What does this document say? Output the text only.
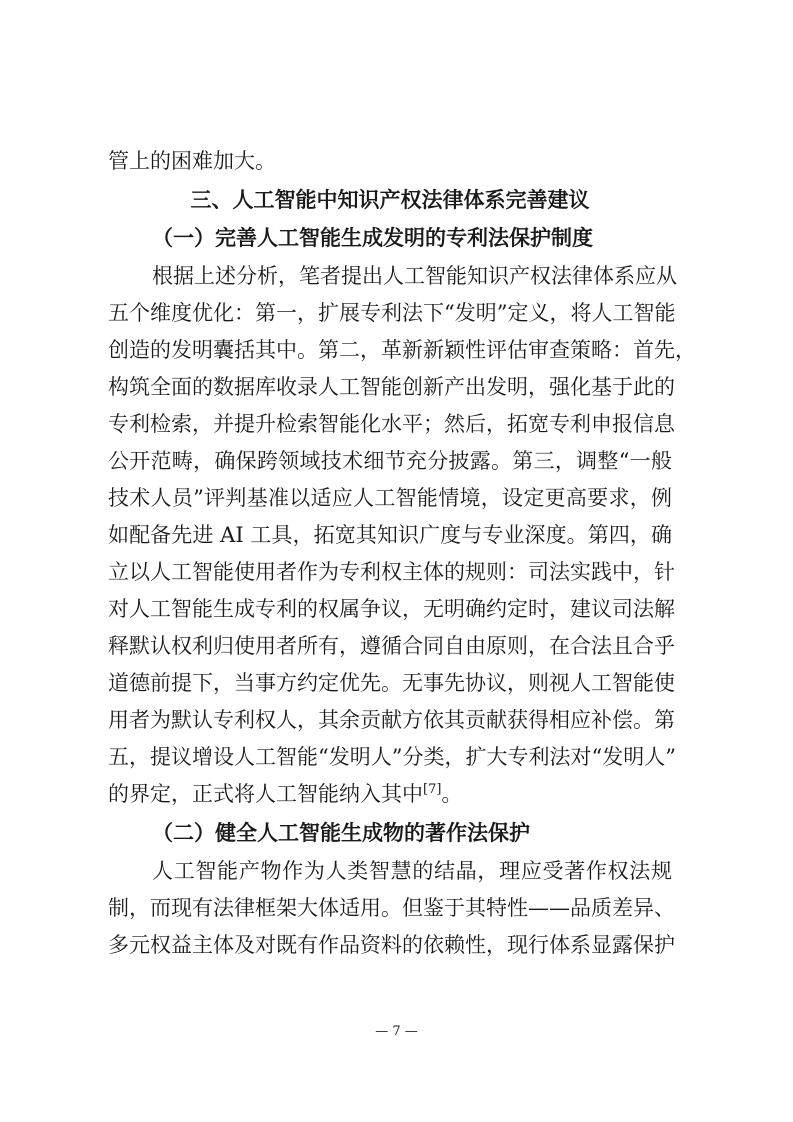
管上的困难加大。
三、人工智能中知识产权法律体系完善建议
（一）完善人工智能生成发明的专利法保护制度
根据上述分析，笔者提出人工智能知识产权法律体系应从
五个维度优化：第一，扩展专利法下“发明”定义，将人工智能
创造的发明囊括其中。第二，革新新颖性评估审查策略：首先，
构筑全面的数据库收录人工智能创新产出发明，强化基于此的
专利检索，并提升检索智能化水平；然后，拓宽专利申报信息
公开范畴，确保跨领域技术细节充分披露。第三，调整“一般
技术人员”评判基准以适应人工智能情境，设定更高要求，例
如配备先进 AI 工具，拓宽其知识广度与专业深度。第四，确
立以人工智能使用者作为专利权主体的规则：司法实践中，针
对人工智能生成专利的权属争议，无明确约定时，建议司法解
释默认权利归使用者所有，遵循合同自由原则，在合法且合乎
道德前提下，当事方约定优先。无事先协议，则视人工智能使
用者为默认专利权人，其余贡献方依其贡献获得相应补偿。第
五，提议增设人工智能“发明人”分类，扩大专利法对“发明人”
的界定，正式将人工智能纳入其中[7]。
（二）健全人工智能生成物的著作法保护
人工智能产物作为人类智慧的结晶，理应受著作权法规
制，而现有法律框架大体适用。但鉴于其特性——品质差异、
多元权益主体及对既有作品资料的依赖性，现行体系显露保护
— 7 —
